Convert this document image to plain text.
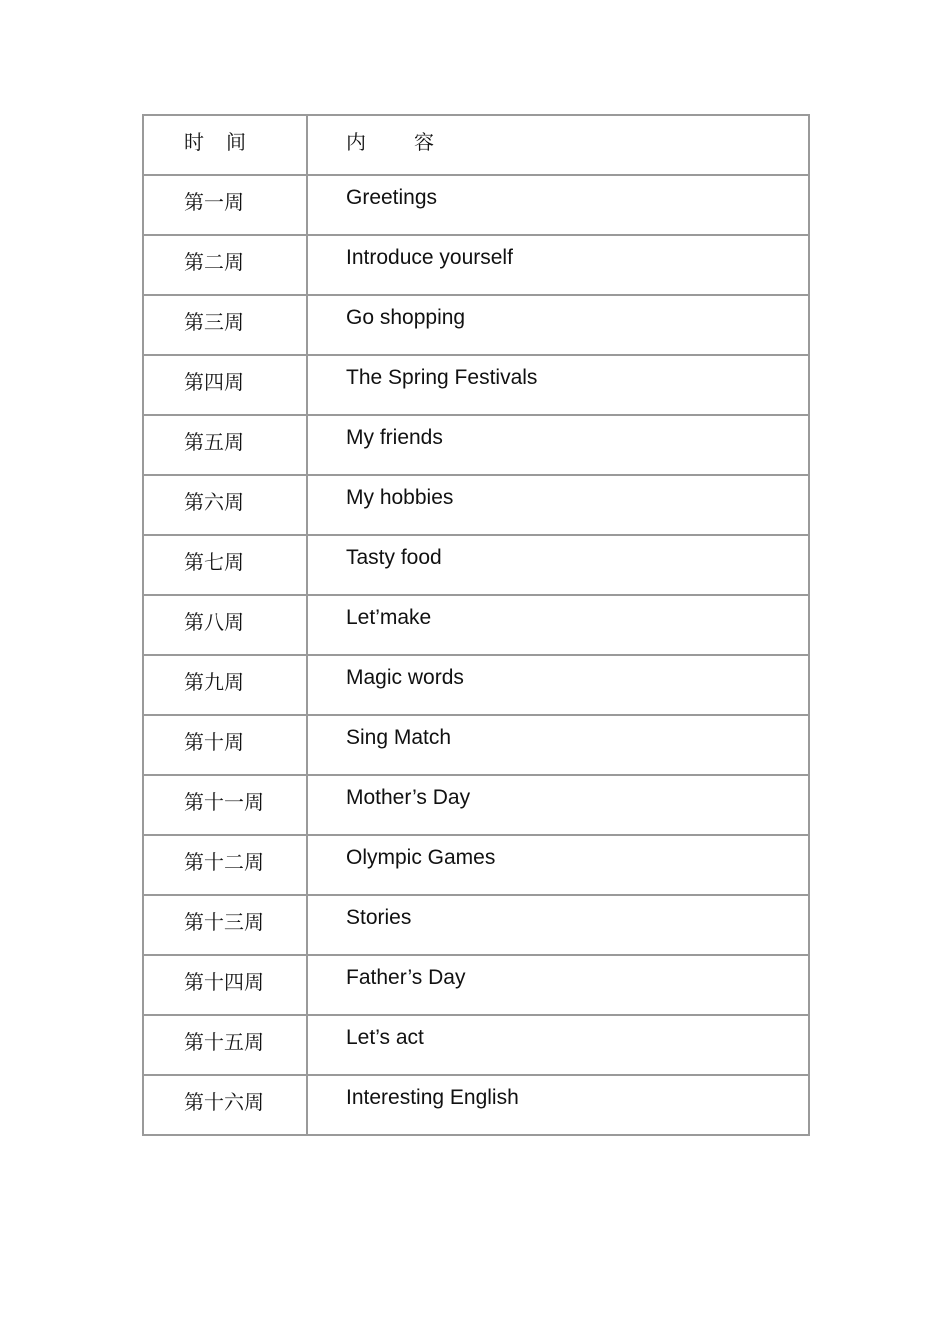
时间	内容
第一周	Greetings
第二周	Introduce yourself
第三周	Go shopping
第四周	The Spring Festivals
第五周	My friends
第六周	My hobbies
第七周	Tasty food
第八周	Let’make
第九周	Magic words
第十周	Sing Match
第十一周	Mother’s Day
第十二周	Olympic Games
第十三周	Stories
第十四周	Father’s Day
第十五周	Let’s act
第十六周	Interesting English
